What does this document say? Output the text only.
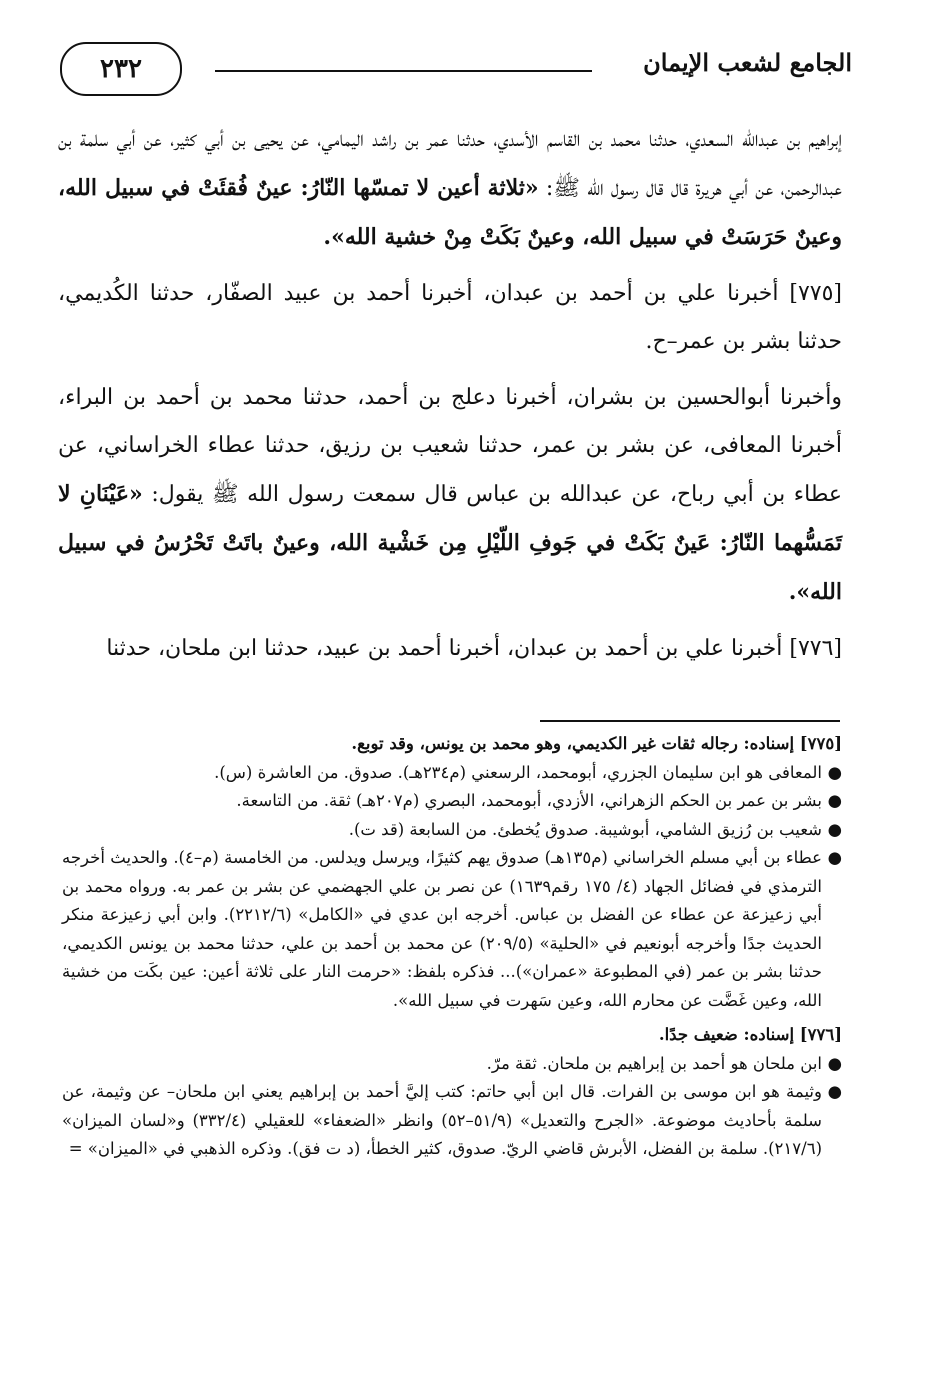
الجامع لشعب الإيمان
٢٣٢

إبراهيم بن عبدالله السعدي، حدثنا محمد بن القاسم الأسدي، حدثنا عمر بن راشد اليمامي، عن يحيى بن أبي كثير، عن أبي سلمة بن عبدالرحمن، عن أبي هريرة قال قال رسول الله ﷺ: «ثلاثة أعين لا تمسّها النّارُ: عينٌ فُقئَتْ في سبيل الله، وعينٌ حَرَسَتْ في سبيل الله، وعينٌ بَكَتْ مِنْ خشية الله».

[٧٧٥] أخبرنا علي بن أحمد بن عبدان، أخبرنا أحمد بن عبيد الصفّار، حدثنا الكُديمي، حدثنا بشر بن عمر–ح.

وأخبرنا أبوالحسين بن بشران، أخبرنا دعلج بن أحمد، حدثنا محمد بن أحمد بن البراء، أخبرنا المعافى، عن بشر بن عمر، حدثنا شعيب بن رزيق، حدثنا عطاء الخراساني، عن عطاء بن أبي رباح، عن عبدالله بن عباس قال سمعت رسول الله ﷺ يقول: «عَيْنَانِ لا تَمَسُّهما النّارُ: عَينٌ بَكَتْ في جَوفِ اللّيْلِ مِن خَشْية الله، وعينٌ باتَتْ تَحْرُسُ في سبيل الله».

[٧٧٦] أخبرنا علي بن أحمد بن عبدان، أخبرنا أحمد بن عبيد، حدثنا ابن ملحان، حدثنا

[٧٧٥] إسناده: رجاله ثقات غير الكديمي، وهو محمد بن يونس، وقد توبع.

●
المعافى هو ابن سليمان الجزري، أبومحمد، الرسعني (م٢٣٤هـ). صدوق. من العاشرة (س).
●
بشر بن عمر بن الحكم الزهراني، الأزدي، أبومحمد، البصري (م٢٠٧هـ) ثقة. من التاسعة.
●
شعيب بن رُزيق الشامي، أبوشيبة. صدوق يُخطئ. من السابعة (قد ت).
●
عطاء بن أبي مسلم الخراساني (م١٣٥هـ) صدوق يهم كثيرًا، ويرسل ويدلس. من الخامسة (م–٤). والحديث أخرجه الترمذي في فضائل الجهاد (٤/ ١٧٥ رقم١٦٣٩) عن نصر بن علي الجهضمي عن بشر بن عمر به. ورواه محمد بن أبي زعيزعة عن عطاء عن الفضل بن عباس. أخرجه ابن عدي في «الكامل» (٢٢١٢/٦). وابن أبي زعيزعة منكر الحديث جدًا وأخرجه أبونعيم في «الحلية» (٢٠٩/٥) عن محمد بن أحمد بن علي، حدثنا محمد بن يونس الكديمي، حدثنا بشر بن عمر (في المطبوعة «عمران»)... فذكره بلفظ: «حرمت النار على ثلاثة أعين: عين بكَت من خشية الله، وعين غَضَّت عن محارم الله، وعين سَهرت في سبيل الله».

[٧٧٦] إسناده: ضعيف جدًا.

●
ابن ملحان هو أحمد بن إبراهيم بن ملحان. ثقة مرّ.
●
وثيمة هو ابن موسى بن الفرات. قال ابن أبي حاتم: كتب إليَّ أحمد بن إبراهيم يعني ابن ملحان– عن وثيمة، عن سلمة بأحاديث موضوعة. «الجرح والتعديل» (٥١/٩–٥٢) وانظر «الضعفاء» للعقيلي (٣٣٢/٤) و«لسان الميزان» (٢١٧/٦). سلمة بن الفضل، الأبرش قاضي الريّ. صدوق، كثير الخطأ، (د ت فق). وذكره الذهبي في «الميزان» =
